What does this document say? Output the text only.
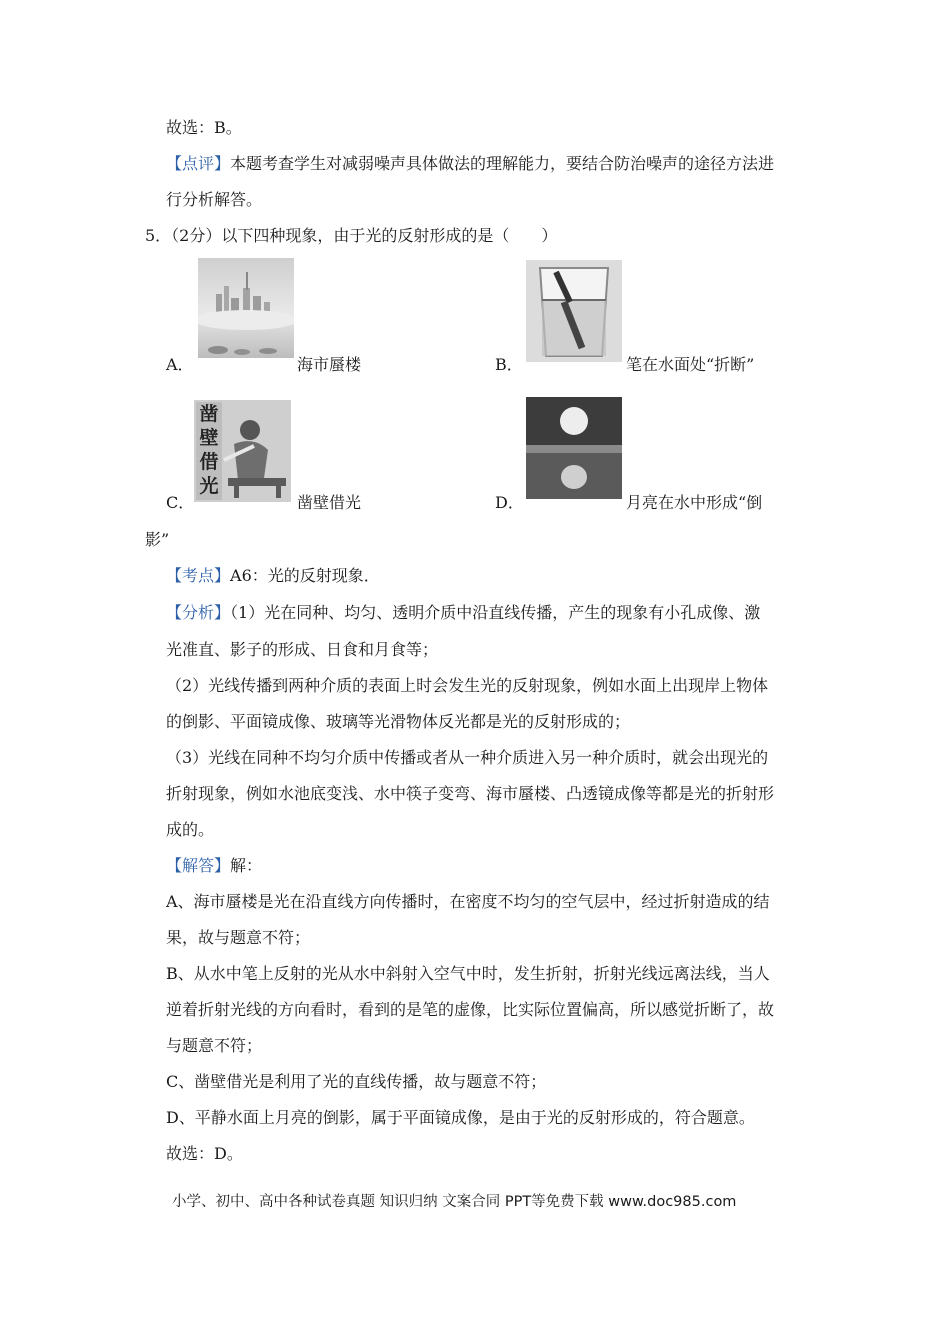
故选：B。
【点评】本题考查学生对减弱噪声具体做法的理解能力，要结合防治噪声的途径方法进
行分析解答。
5．（2分）以下四种现象，由于光的反射形成的是（　　）
A．	海市蜃楼	B．	笔在水面处“折断”
凿
壁
借
光
C．	凿壁借光	D．	月亮在水中形成“倒
影”
【考点】A6：光的反射现象．
【分析】（1）光在同种、均匀、透明介质中沿直线传播，产生的现象有小孔成像、激
光准直、影子的形成、日食和月食等；
（2）光线传播到两种介质的表面上时会发生光的反射现象，例如水面上出现岸上物体
的倒影、平面镜成像、玻璃等光滑物体反光都是光的反射形成的；
（3）光线在同种不均匀介质中传播或者从一种介质进入另一种介质时，就会出现光的
折射现象，例如水池底变浅、水中筷子变弯、海市蜃楼、凸透镜成像等都是光的折射形
成的。
【解答】解：
A、海市蜃楼是光在沿直线方向传播时，在密度不均匀的空气层中，经过折射造成的结
果，故与题意不符；
B、从水中笔上反射的光从水中斜射入空气中时，发生折射，折射光线远离法线，当人
逆着折射光线的方向看时，看到的是笔的虚像，比实际位置偏高，所以感觉折断了，故
与题意不符；
C、凿壁借光是利用了光的直线传播，故与题意不符；
D、平静水面上月亮的倒影，属于平面镜成像，是由于光的反射形成的，符合题意。
故选：D。
小学、初中、高中各种试卷真题 知识归纳 文案合同 PPT等免费下载 www.doc985.com
